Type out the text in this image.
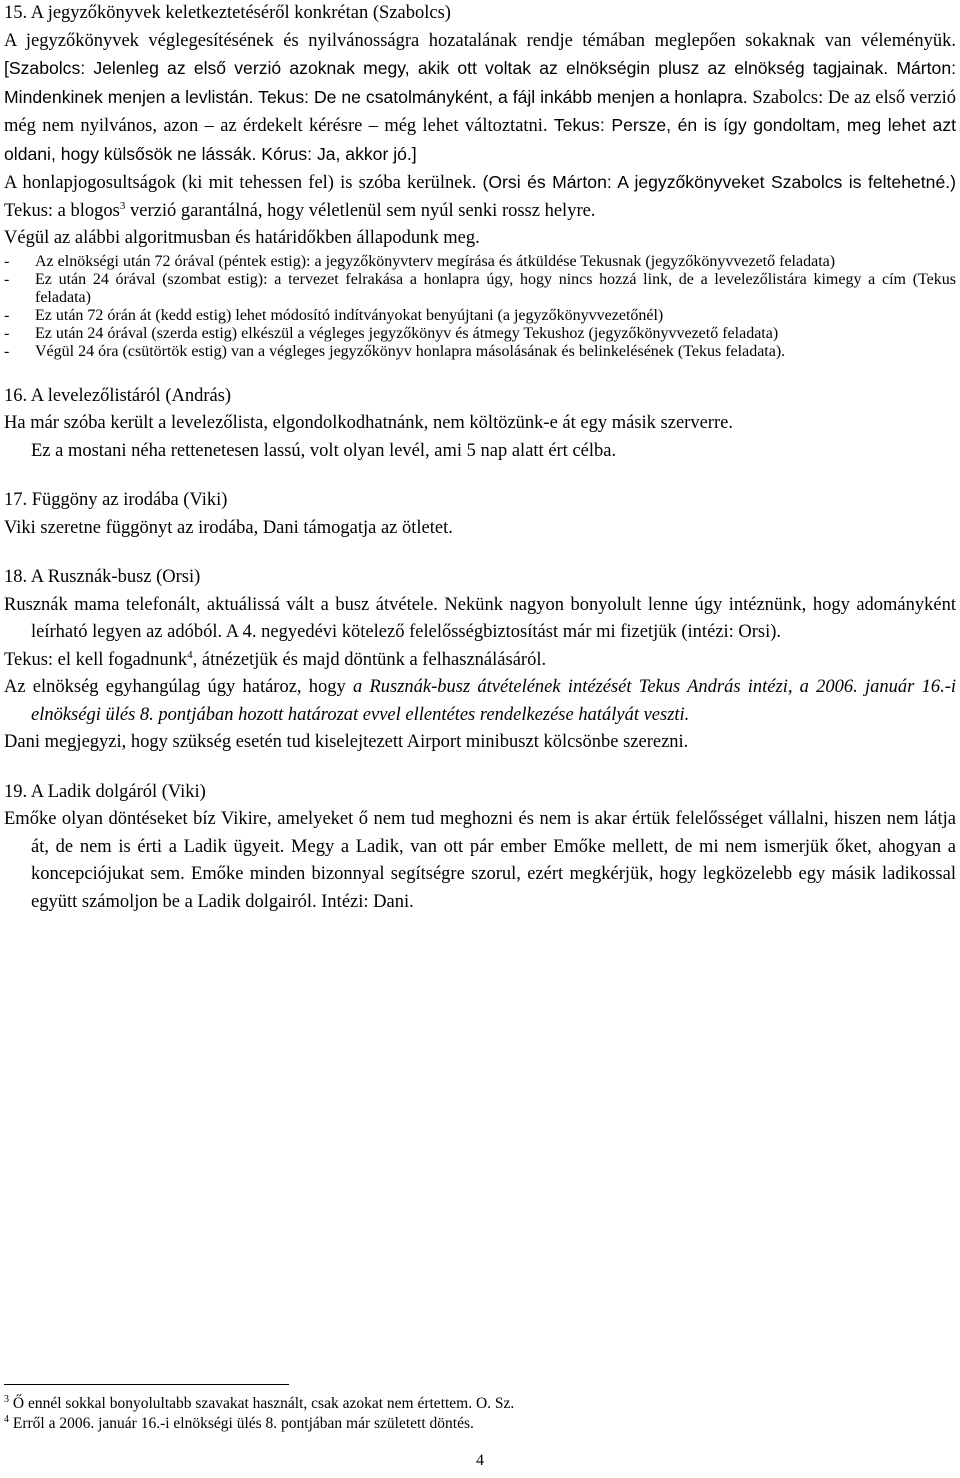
15. A jegyzőkönyvek keletkeztetéséről konkrétan (Szabolcs)

A jegyzőkönyvek véglegesítésének és nyilvánosságra hozatalának rendje témában meglepően sokaknak van véleményük. [Szabolcs: Jelenleg az első verzió azoknak megy, akik ott voltak az elnökségin plusz az elnökség tagjainak. Márton: Mindenkinek menjen a levlistán. Tekus: De ne csatolmányként, a fájl inkább menjen a honlapra. Szabolcs: De az első verzió még nem nyilvános, azon – az érdekelt kérésre – még lehet változtatni. Tekus: Persze, én is így gondoltam, meg lehet azt oldani, hogy külsősök ne lássák. Kórus: Ja, akkor jó.]

A honlapjogosultságok (ki mit tehessen fel) is szóba kerülnek. (Orsi és Márton: A jegyzőkönyveket Szabolcs is feltehetné.) Tekus: a blogos$^3$ verzió garantálná, hogy véletlenül sem nyúl senki rossz helyre.

Végül az alábbi algoritmusban és határidőkben állapodunk meg.

-	Az elnökségi után 72 órával (péntek estig): a jegyzőkönyvterv megírása és átküldése Tekusnak (jegyzőkönyvvezető feladata)
-	Ez után 24 órával (szombat estig): a tervezet felrakása a honlapra úgy, hogy nincs hozzá link, de a levelezőlistára kimegy a cím (Tekus feladata)
-	Ez után 72 órán át (kedd estig) lehet módosító indítványokat benyújtani (a jegyzőkönyvvezetőnél)
-	Ez után 24 órával (szerda estig) elkészül a végleges jegyzőkönyv és átmegy Tekushoz (jegyzőkönyvvezető feladata)
-	Végül 24 óra (csütörtök estig) van a végleges jegyzőkönyv honlapra másolásának és belinkelésének (Tekus feladata).
16. A levelezőlistáról (András)

Ha már szóba került a levelezőlista, elgondolkodhatnánk, nem költözünk-e át egy másik szerverre.
Ez a mostani néha rettenetesen lassú, volt olyan levél, ami 5 nap alatt ért célba.

17. Függöny az irodába (Viki)

Viki szeretne függönyt az irodába, Dani támogatja az ötletet.

18. A Rusznák-busz (Orsi)

Rusznák mama telefonált, aktuálissá vált a busz átvétele. Nekünk nagyon bonyolult lenne úgy intéznünk, hogy adományként leírható legyen az adóból. A 4. negyedévi kötelező felelősségbiztosítást már mi fizetjük (intézi: Orsi).

Tekus: el kell fogadnunk$^4$, átnézetjük és majd döntünk a felhasználásáról.

Az elnökség egyhangúlag úgy határoz, hogy a Rusznák-busz átvételének intézését Tekus András intézi, a 2006. január 16.-i elnökségi ülés 8. pontjában hozott határozat evvel ellentétes rendelkezése hatályát veszti.

Dani megjegyzi, hogy szükség esetén tud kiselejtezett Airport minibuszt kölcsönbe szerezni.

19. A Ladik dolgáról (Viki)

Emőke olyan döntéseket bíz Vikire, amelyeket ő nem tud meghozni és nem is akar értük felelősséget vállalni, hiszen nem látja át, de nem is érti a Ladik ügyeit. Megy a Ladik, van ott pár ember Emőke mellett, de mi nem ismerjük őket, ahogyan a koncepciójukat sem. Emőke minden bizonnyal segítségre szorul, ezért megkérjük, hogy legközelebb egy másik ladikossal együtt számoljon be a Ladik dolgairól. Intézi: Dani.

$^3$ Ő ennél sokkal bonyolultabb szavakat használt, csak azokat nem értettem. O. Sz.
$^4$ Erről a 2006. január 16.-i elnökségi ülés 8. pontjában már született döntés.
4
